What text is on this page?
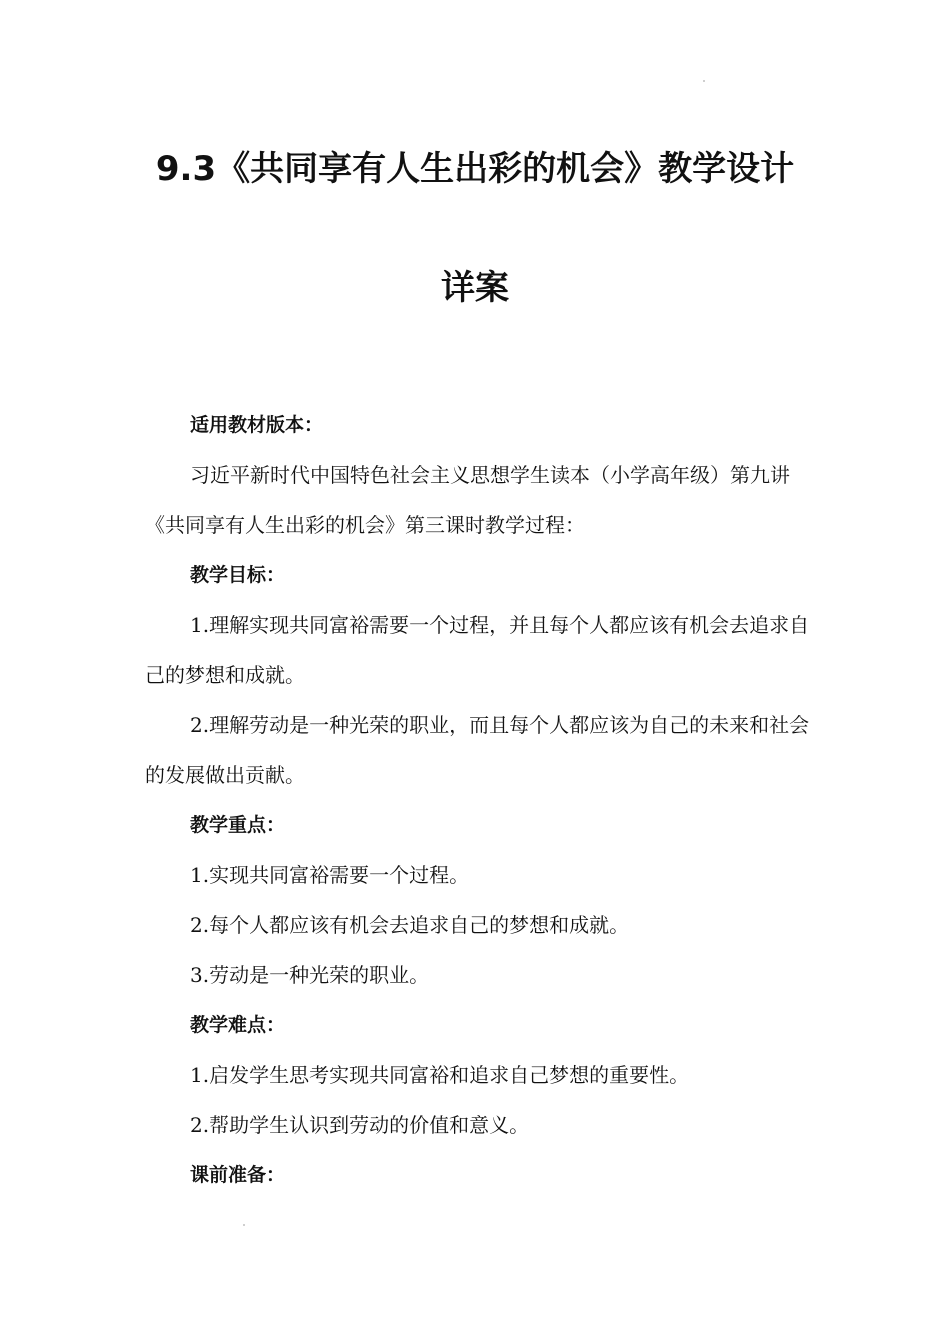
9.3《共同享有人生出彩的机会》教学设计
详案

适用教材版本：

习近平新时代中国特色社会主义思想学生读本（小学高年级）第九讲《共同享有人生出彩的机会》第三课时教学过程：

教学目标：

1.理解实现共同富裕需要一个过程，并且每个人都应该有机会去追求自己的梦想和成就。

2.理解劳动是一种光荣的职业，而且每个人都应该为自己的未来和社会的发展做出贡献。

教学重点：

1.实现共同富裕需要一个过程。

2.每个人都应该有机会去追求自己的梦想和成就。

3.劳动是一种光荣的职业。

教学难点：

1.启发学生思考实现共同富裕和追求自己梦想的重要性。

2.帮助学生认识到劳动的价值和意义。

课前准备：
